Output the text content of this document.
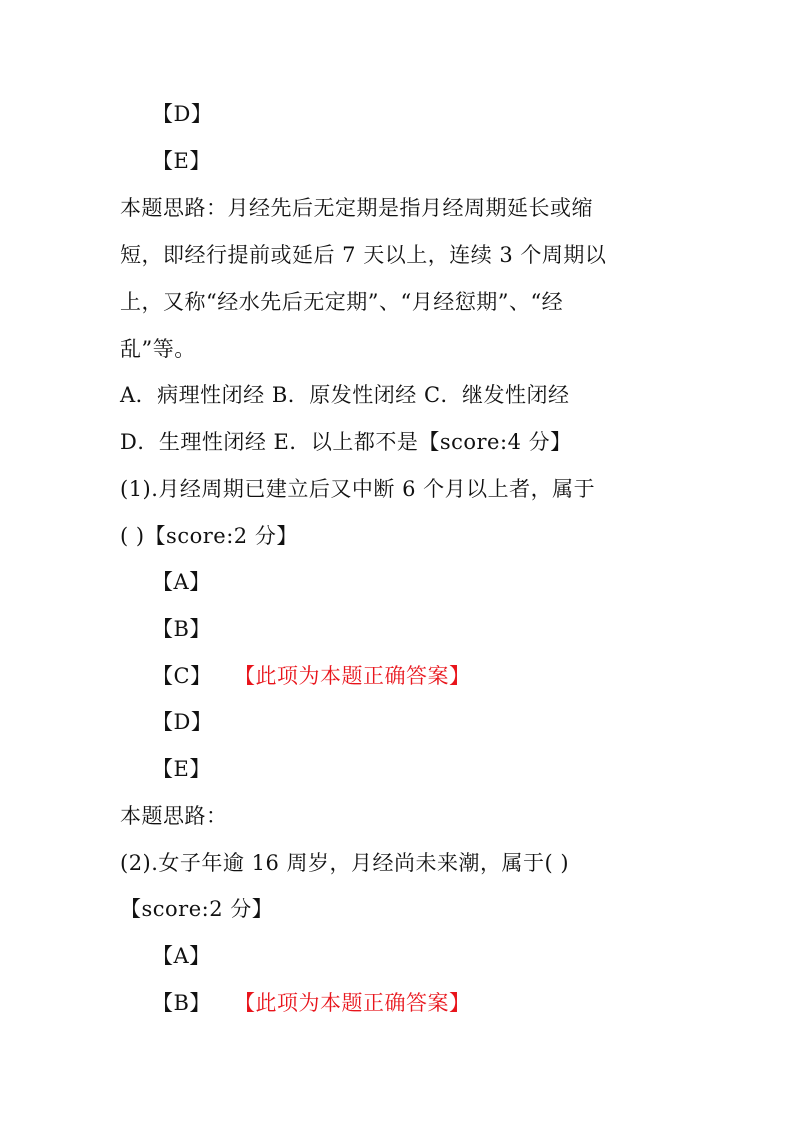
【D】
【E】
本题思路：月经先后无定期是指月经周期延长或缩
短，即经行提前或延后 7 天以上，连续 3 个周期以
上，又称“经水先后无定期”、“月经愆期”、“经
乱”等。
A．病理性闭经 B．原发性闭经 C．继发性闭经
D．生理性闭经 E．以上都不是【score:4 分】
(1).月经周期已建立后又中断 6 个月以上者，属于
( )【score:2 分】
【A】
【B】
【C】 【此项为本题正确答案】
【D】
【E】
本题思路：
(2).女子年逾 16 周岁，月经尚未来潮，属于( )
【score:2 分】
【A】
【B】 【此项为本题正确答案】
